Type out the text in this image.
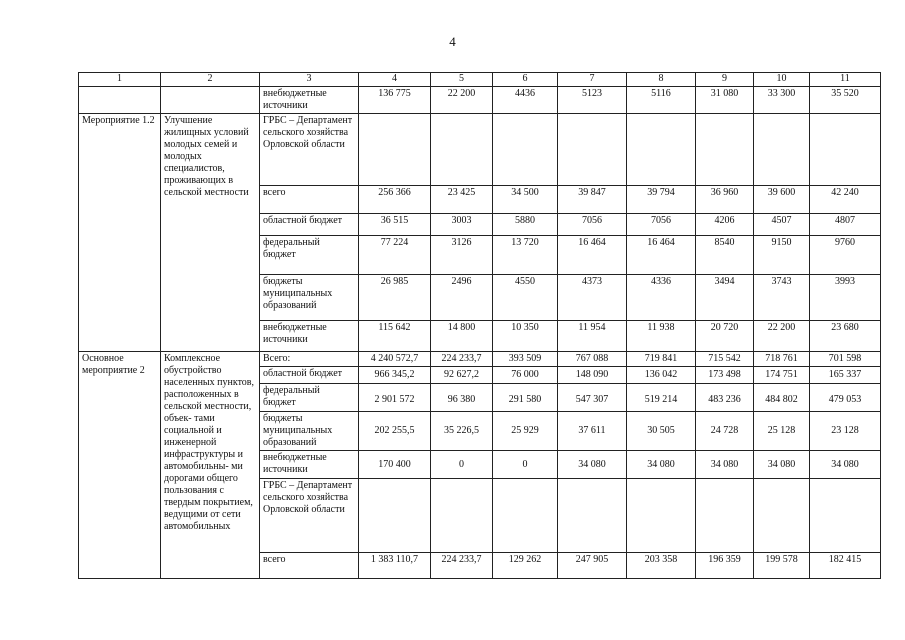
4
1	2	3	4	5	6	7	8	9	10	11
		внебюджетные источники	136 775	22 200	4436	5123	5116	31 080	33 300	35 520
Мероприятие 1.2	Улучшение жилищных условий молодых семей и молодых специалистов, проживающих в сельской местности	ГРБС – Департамент сельского хозяйства Орловской области								
		всего	256 366	23 425	34 500	39 847	39 794	36 960	39 600	42 240
		областной бюджет	36 515	3003	5880	7056	7056	4206	4507	4807
		федеральный бюджет	77 224	3126	13 720	16 464	16 464	8540	9150	9760
		бюджеты муниципальных образований	26 985	2496	4550	4373	4336	3494	3743	3993
		внебюджетные источники	115 642	14 800	10 350	11 954	11 938	20 720	22 200	23 680
Основное мероприятие 2	Комплексное обустройство населенных пунктов, расположенных в сельской местности, объек- тами социальной и инженерной инфраструктуры и автомобильны- ми дорогами общего пользования с твердым покрытием, ведущими от сети автомобильных	Всего:	4 240 572,7	224 233,7	393 509	767 088	719 841	715 542	718 761	701 598
		областной бюджет	966 345,2	92 627,2	76 000	148 090	136 042	173 498	174 751	165 337
		федеральный бюджет	2 901 572	96 380	291 580	547 307	519 214	483 236	484 802	479 053
		бюджеты муниципальных образований	202 255,5	35 226,5	25 929	37 611	30 505	24 728	25 128	23 128
		внебюджетные источники	170 400	0	0	34 080	34 080	34 080	34 080	34 080
		ГРБС – Департамент сельского хозяйства Орловской области								
		всего	1 383 110,7	224 233,7	129 262	247 905	203 358	196 359	199 578	182 415
